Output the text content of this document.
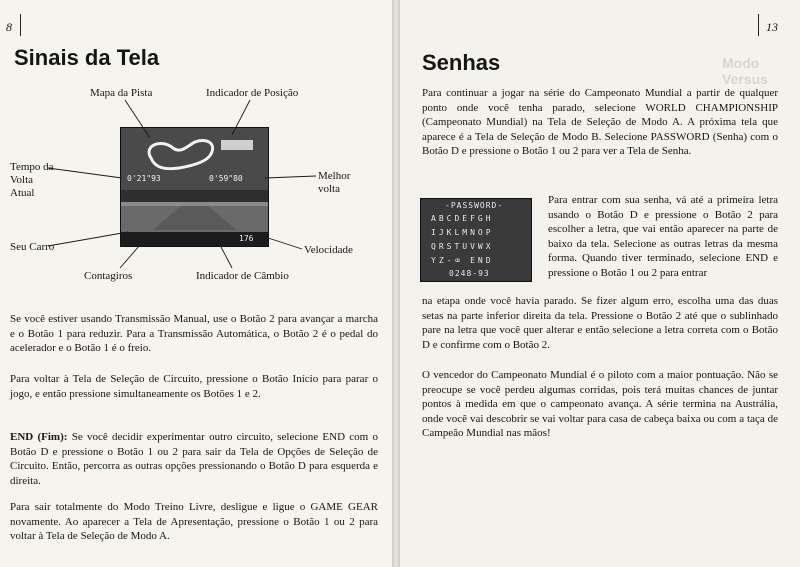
8
Sinais da Tela
Mapa da Pista	Indicador de Posição
Tempo da
Volta
Atual
Melhor
volta
Seu Carro	Velocidade
Contagiros	Indicador de Câmbio
0'21"93	0'59"80
176

Se você estiver usando Transmissão Manual, use o Botão 2 para avançar a marcha e o Botão 1 para reduzir. Para a Transmissão Automática, o Botão 2 é o pedal do acelerador e o Botão 1 é o freio.

Para voltar à Tela de Seleção de Circuito, pressione o Botão Início para parar o jogo, e então pressione simultaneamente os Botões 1 e 2.

END (Fim): Se você decidir experimentar outro circuito, selecione END com o Botão D e pressione o Botão 1 ou 2 para sair da Tela de Opções de Seleção de Circuito. Então, percorra as outras opções pressionando o Botão D para esquerda e direita.

Para sair totalmente do Modo Treino Livre, desligue e ligue o GAME GEAR novamente. Ao aparecer a Tela de Apresentação, pressione o Botão 1 ou 2 para voltar à Tela de Seleção de Modo A.

Modo Versus
Senhas

Para continuar a jogar na série do Campeonato Mundial a partir de qualquer ponto onde você tenha parado, selecione WORLD CHAMPIONSHIP (Campeonato Mundial) na Tela de Seleção de Modo A. A próxima tela que aparece é a Tela de Seleção de Modo B. Selecione PASSWORD (Senha) com o Botão D e pressione o Botão 1 ou 2 para ver a Tela de Senha.

Para entrar com sua senha, vá até a primeira letra usando o Botão D e pressione o Botão 2 para escolher a letra, que vai então aparecer na parte de baixo da tela. Selecione as outras letras da mesma forma. Quando tiver terminado, selecione END e pressione o Botão 1 ou 2 para entrar

na etapa onde você havia parado. Se fizer algum erro, escolha uma das duas setas na parte inferior direita da tela. Pressione o Botão 2 até que o sublinhado pare na letra que você quer alterar e então selecione a letra correta com o Botão D e confirme com o Botão 2.

O vencedor do Campeonato Mundial é o piloto com a maior pontuação. Não se preocupe se você perdeu algumas corridas, pois terá muitas chances de juntar pontos à medida em que o campeonato avança. A série termina na Austrália, onde você vai descobrir se vai voltar para casa de cabeça baixa ou com a taça de Campeão Mundial nas mãos!

13
-PASSWORD-
ABCDEFGH
IJKLMNOP
QRSTUVWX
YZ-⌫ END
0248-93
